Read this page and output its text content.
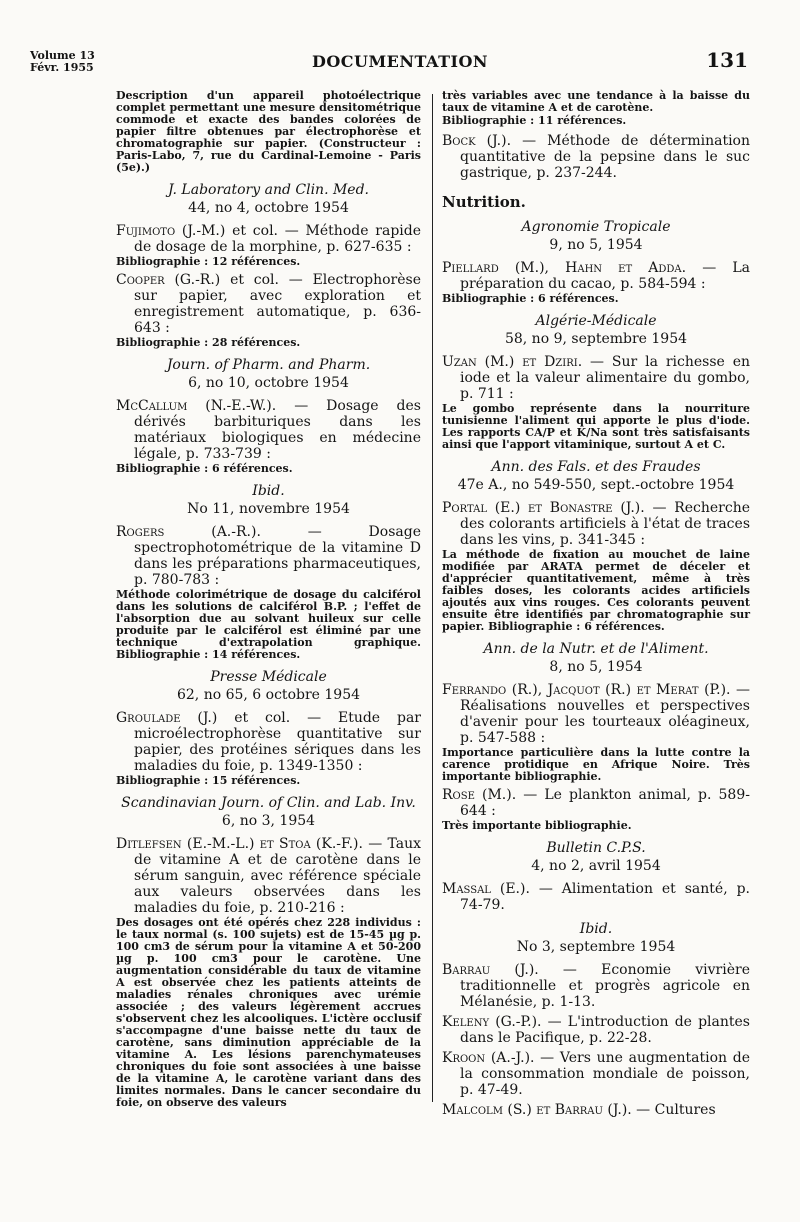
Volume 13
Févr. 1955	DOCUMENTATION	131
Description d'un appareil photoélectrique complet permettant une mesure densitométrique commode et exacte des bandes colorées de papier filtre obtenues par électrophorèse et chromatographie sur papier. (Constructeur : Paris-Labo, 7, rue du Cardinal-Lemoine - Paris (5e).)
J. Laboratory and Clin. Med.
44, no 4, octobre 1954
Fujimoto (J.-M.) et col. — Méthode rapide de dosage de la morphine, p. 627-635 :
Bibliographie : 12 références.
Cooper (G.-R.) et col. — Electrophorèse sur papier, avec exploration et enregistrement automatique, p. 636-643 :
Bibliographie : 28 références.
Journ. of Pharm. and Pharm.
6, no 10, octobre 1954
McCallum (N.-E.-W.). — Dosage des dérivés barbituriques dans les matériaux biologiques en médecine légale, p. 733-739 :
Bibliographie : 6 références.
Ibid.
No 11, novembre 1954
Rogers (A.-R.). — Dosage spectrophotométrique de la vitamine D dans les préparations pharmaceutiques, p. 780-783 :
Méthode colorimétrique de dosage du calciférol dans les solutions de calciférol B.P. ; l'effet de l'absorption due au solvant huileux sur celle produite par le calciférol est éliminé par une technique d'extrapolation graphique. Bibliographie : 14 références.
Presse Médicale
62, no 65, 6 octobre 1954
Groulade (J.) et col. — Etude par microélectrophorèse quantitative sur papier, des protéines sériques dans les maladies du foie, p. 1349-1350 :
Bibliographie : 15 références.
Scandinavian Journ. of Clin. and Lab. Inv.
6, no 3, 1954
Ditlefsen (E.-M.-L.) et Stoa (K.-F.). — Taux de vitamine A et de carotène dans le sérum sanguin, avec référence spéciale aux valeurs observées dans les maladies du foie, p. 210-216 :
Des dosages ont été opérés chez 228 individus : le taux normal (s. 100 sujets) est de 15-45 µg p. 100 cm3 de sérum pour la vitamine A et 50-200 µg p. 100 cm3 pour le carotène. Une augmentation considérable du taux de vitamine A est observée chez les patients atteints de maladies rénales chroniques avec urémie associée ; des valeurs légèrement accrues s'observent chez les alcooliques. L'ictère occlusif s'accompagne d'une baisse nette du taux de carotène, sans diminution appréciable de la vitamine A. Les lésions parenchymateuses chroniques du foie sont associées à une baisse de la vitamine A, le carotène variant dans des limites normales. Dans le cancer secondaire du foie, on observe des valeurs
très variables avec une tendance à la baisse du taux de vitamine A et de carotène.
Bibliographie : 11 références.
Bock (J.). — Méthode de détermination quantitative de la pepsine dans le suc gastrique, p. 237-244.
Nutrition.
Agronomie Tropicale
9, no 5, 1954
Piellard (M.), Hahn et Adda. — La préparation du cacao, p. 584-594 :
Bibliographie : 6 références.
Algérie-Médicale
58, no 9, septembre 1954
Uzan (M.) et Dziri. — Sur la richesse en iode et la valeur alimentaire du gombo, p. 711 :
Le gombo représente dans la nourriture tunisienne l'aliment qui apporte le plus d'iode. Les rapports CA/P et K/Na sont très satisfaisants ainsi que l'apport vitaminique, surtout A et C.
Ann. des Fals. et des Fraudes
47e A., no 549-550, sept.-octobre 1954
Portal (E.) et Bonastre (J.). — Recherche des colorants artificiels à l'état de traces dans les vins, p. 341-345 :
La méthode de fixation au mouchet de laine modifiée par ARATA permet de déceler et d'apprécier quantitativement, même à très faibles doses, les colorants acides artificiels ajoutés aux vins rouges. Ces colorants peuvent ensuite être identifiés par chromatographie sur papier. Bibliographie : 6 références.
Ann. de la Nutr. et de l'Aliment.
8, no 5, 1954
Ferrando (R.), Jacquot (R.) et Merat (P.). — Réalisations nouvelles et perspectives d'avenir pour les tourteaux oléagineux, p. 547-588 :
Importance particulière dans la lutte contre la carence protidique en Afrique Noire. Très importante bibliographie.
Rose (M.). — Le plankton animal, p. 589-644 :
Très importante bibliographie.
Bulletin C.P.S.
4, no 2, avril 1954
Massal (E.). — Alimentation et santé, p. 74-79.
Ibid.
No 3, septembre 1954
Barrau (J.). — Economie vivrière traditionnelle et progrès agricole en Mélanésie, p. 1-13.
Keleny (G.-P.). — L'introduction de plantes dans le Pacifique, p. 22-28.
Kroon (A.-J.). — Vers une augmentation de la consommation mondiale de poisson, p. 47-49.
Malcolm (S.) et Barrau (J.). — Cultures
